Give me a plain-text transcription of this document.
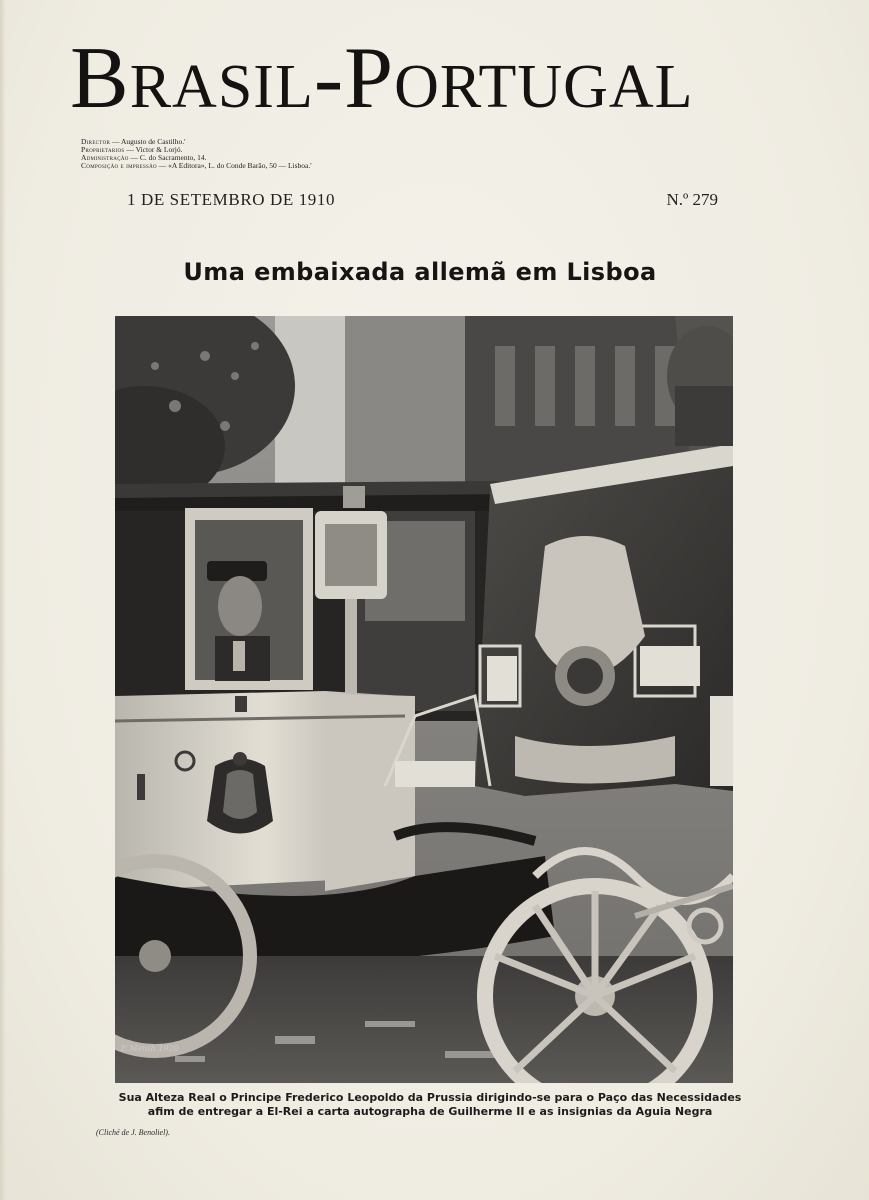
Brasil-Portugal
Director — Augusto de Castilho.'
Proprietarios — Victor & Lorjó.
Administração — C. do Sacramento, 14.
Composição e impressão — «A Editora», L. do Conde Barão, 50 — Lisboa.'
1 DE SETEMBRO DE 1910	N.º 279
Uma embaixada allemã em Lisboa
E.Menth.1920
Sua Alteza Real o Principe Frederico Leopoldo da Prussia dirigindo-se para o Paço das Necessidades
afim de entregar a El-Rei a carta autographa de Guilherme II e as insignias da Aguia Negra
(Cliché de J. Benoliel).
